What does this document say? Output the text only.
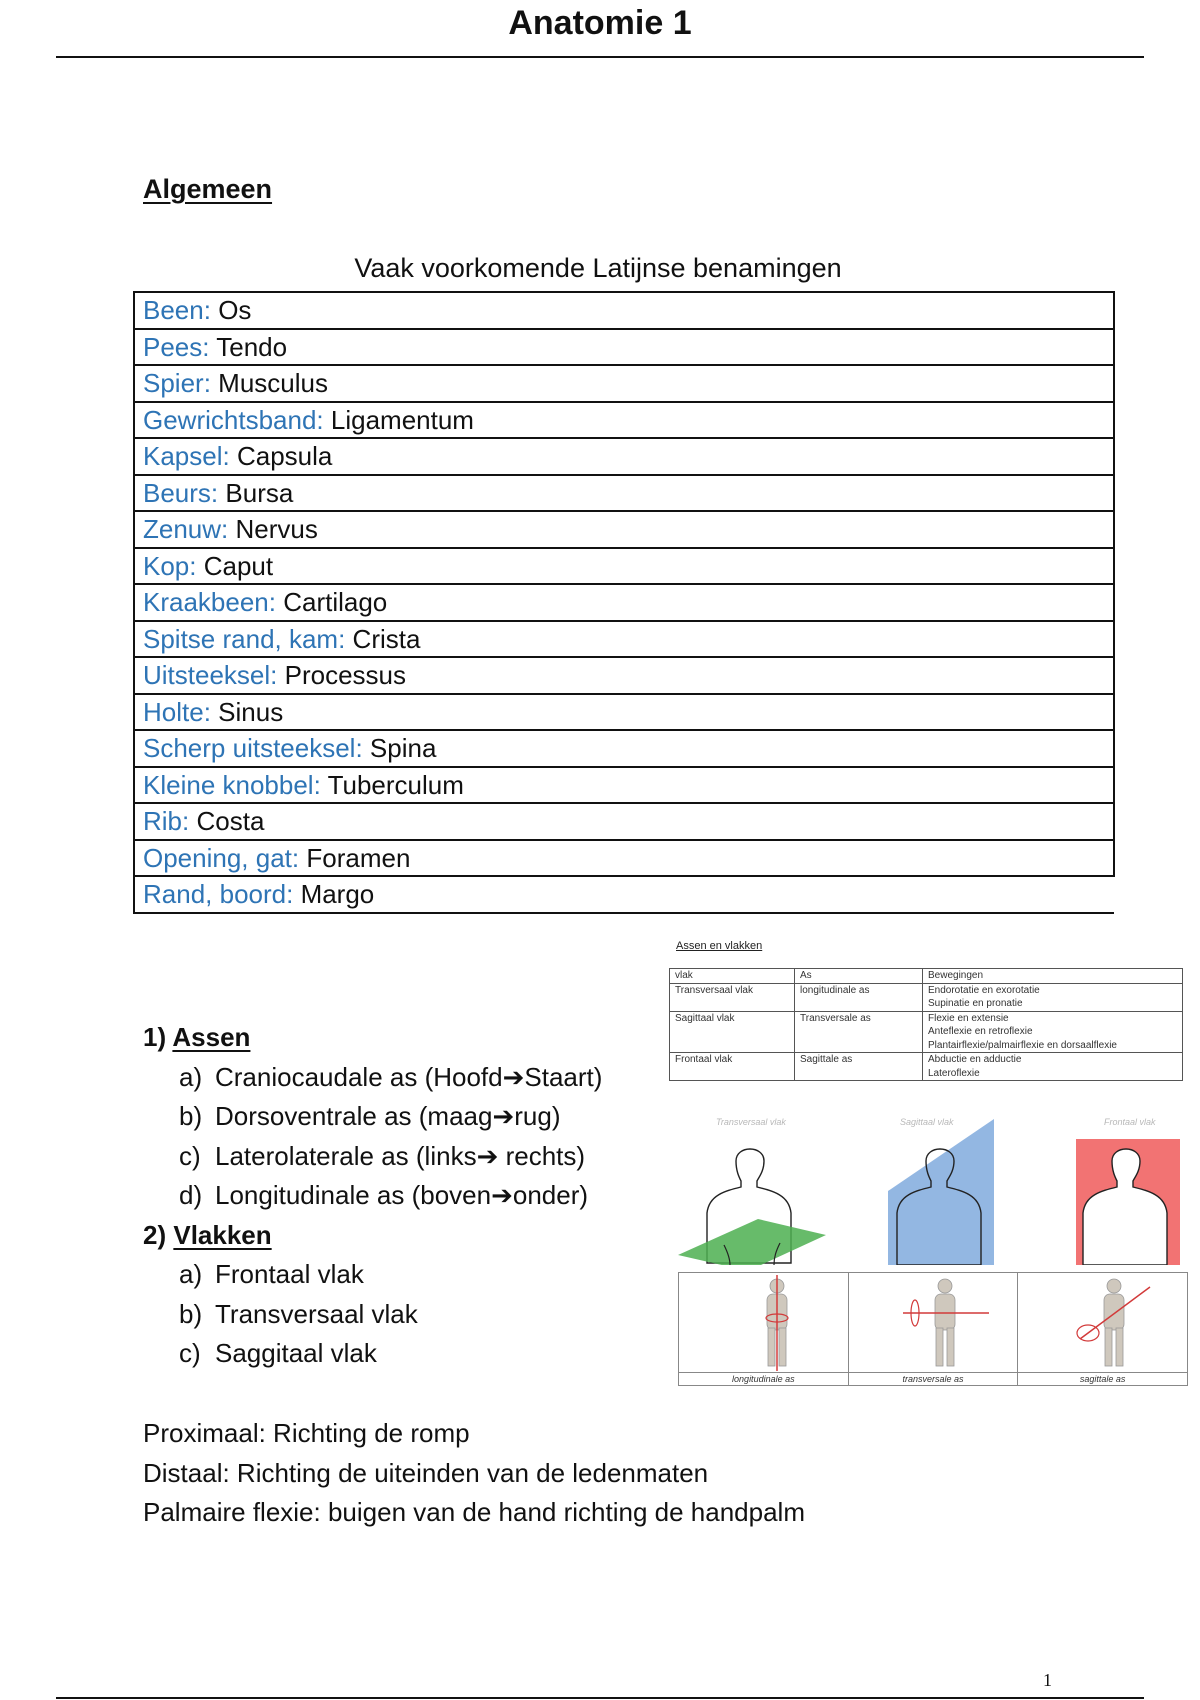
Anatomie 1
Algemeen
Vaak voorkomende Latijnse benamingen
Been: Os
Pees: Tendo
Spier: Musculus
Gewrichtsband: Ligamentum
Kapsel: Capsula
Beurs: Bursa
Zenuw: Nervus
Kop: Caput
Kraakbeen: Cartilago
Spitse rand, kam: Crista
Uitsteeksel: Processus
Holte: Sinus
Scherp uitsteeksel: Spina
Kleine knobbel: Tuberculum
Rib: Costa
Opening, gat: Foramen
Rand, boord: Margo
1) Assen
a) Craniocaudale as (Hoofd➔Staart)
b) Dorsoventrale as (maag➔rug)
c) Laterolaterale as (links➔ rechts)
d) Longitudinale as (boven➔onder)
2) Vlakken
a) Frontaal vlak
b) Transversaal vlak
c) Saggitaal vlak
Assen en vlakken
vlak	As	Bewegingen
Transversaal vlak	longitudinale as	Endorotatie en exorotatie
Supinatie en pronatie

Sagittaal vlak	Transversale as	Flexie en extensie
Anteflexie en retroflexie
Plantairflexie/palmairflexie en dorsaalflexie

Frontaal vlak	Sagittale as	Abductie en adductie
Lateroflexie
Transversaal vlak	Sagittaal vlak	Frontaal vlak
longitudinale as	transversale as	sagittale as
Proximaal: Richting de romp
Distaal: Richting de uiteinden van de ledenmaten
Palmaire flexie: buigen van de hand richting de handpalm
1
